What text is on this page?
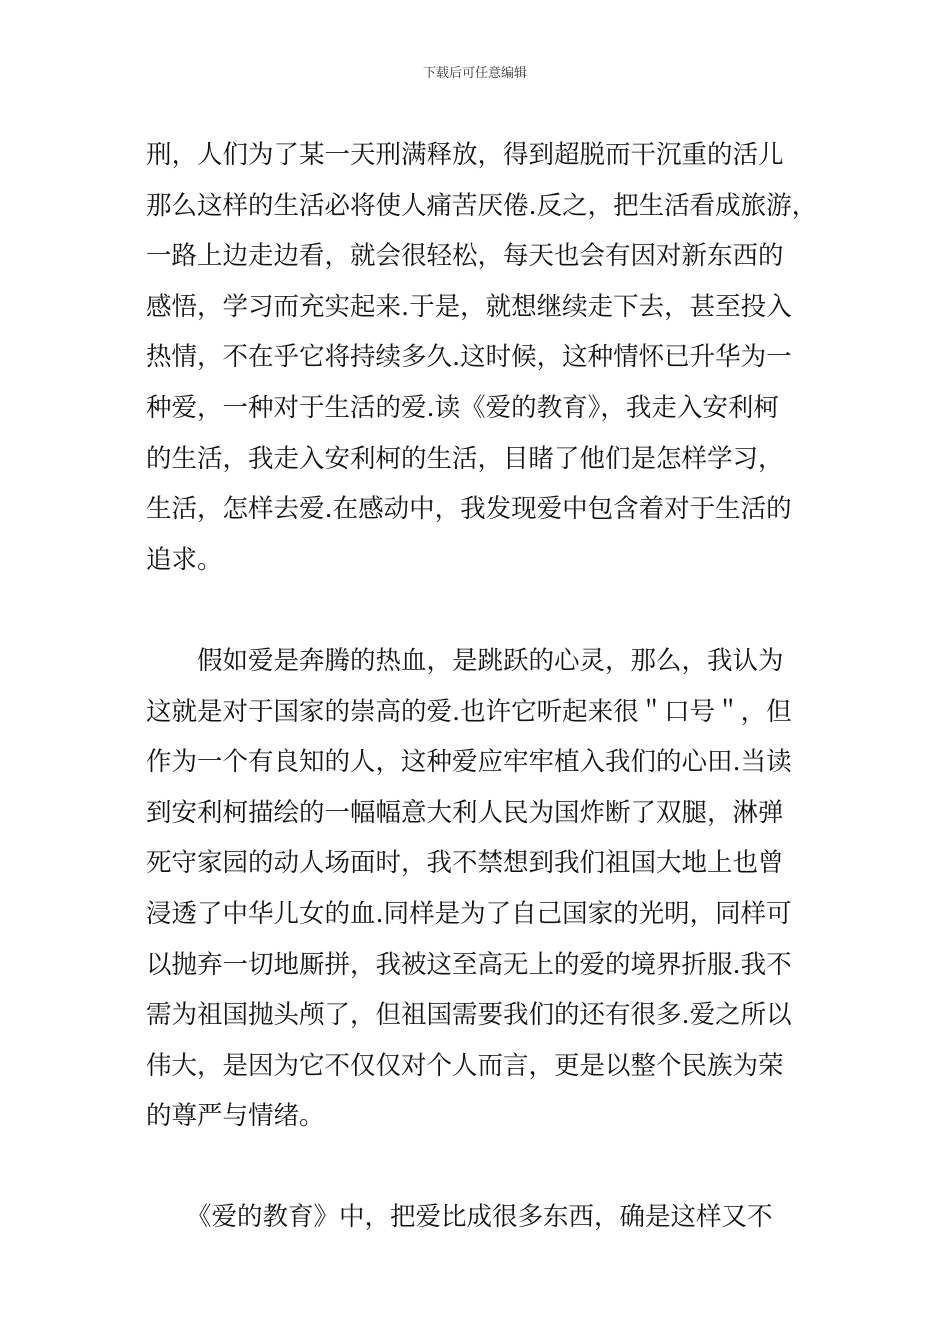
下载后可任意编辑
刑，人们为了某一天刑满释放，得到超脱而干沉重的活儿
那么这样的生活必将使人痛苦厌倦.反之，把生活看成旅游，
一路上边走边看，就会很轻松，每天也会有因对新东西的
感悟，学习而充实起来.于是，就想继续走下去，甚至投入
热情，不在乎它将持续多久.这时候，这种情怀已升华为一
种爱，一种对于生活的爱.读《爱的教育》，我走入安利柯
的生活，我走入安利柯的生活，目睹了他们是怎样学习，
生活，怎样去爱.在感动中，我发现爱中包含着对于生活的
追求。
假如爱是奔腾的热血，是跳跃的心灵，那么，我认为
这就是对于国家的崇高的爱.也许它听起来很＂口号＂，但
作为一个有良知的人，这种爱应牢牢植入我们的心田.当读
到安利柯描绘的一幅幅意大利人民为国炸断了双腿，淋弹
死守家园的动人场面时，我不禁想到我们祖国大地上也曾
浸透了中华儿女的血.同样是为了自己国家的光明，同样可
以抛弃一切地厮拼，我被这至高无上的爱的境界折服.我不
需为祖国抛头颅了，但祖国需要我们的还有很多.爱之所以
伟大，是因为它不仅仅对个人而言，更是以整个民族为荣
的尊严与情绪。
《爱的教育》中，把爱比成很多东西，确是这样又不
